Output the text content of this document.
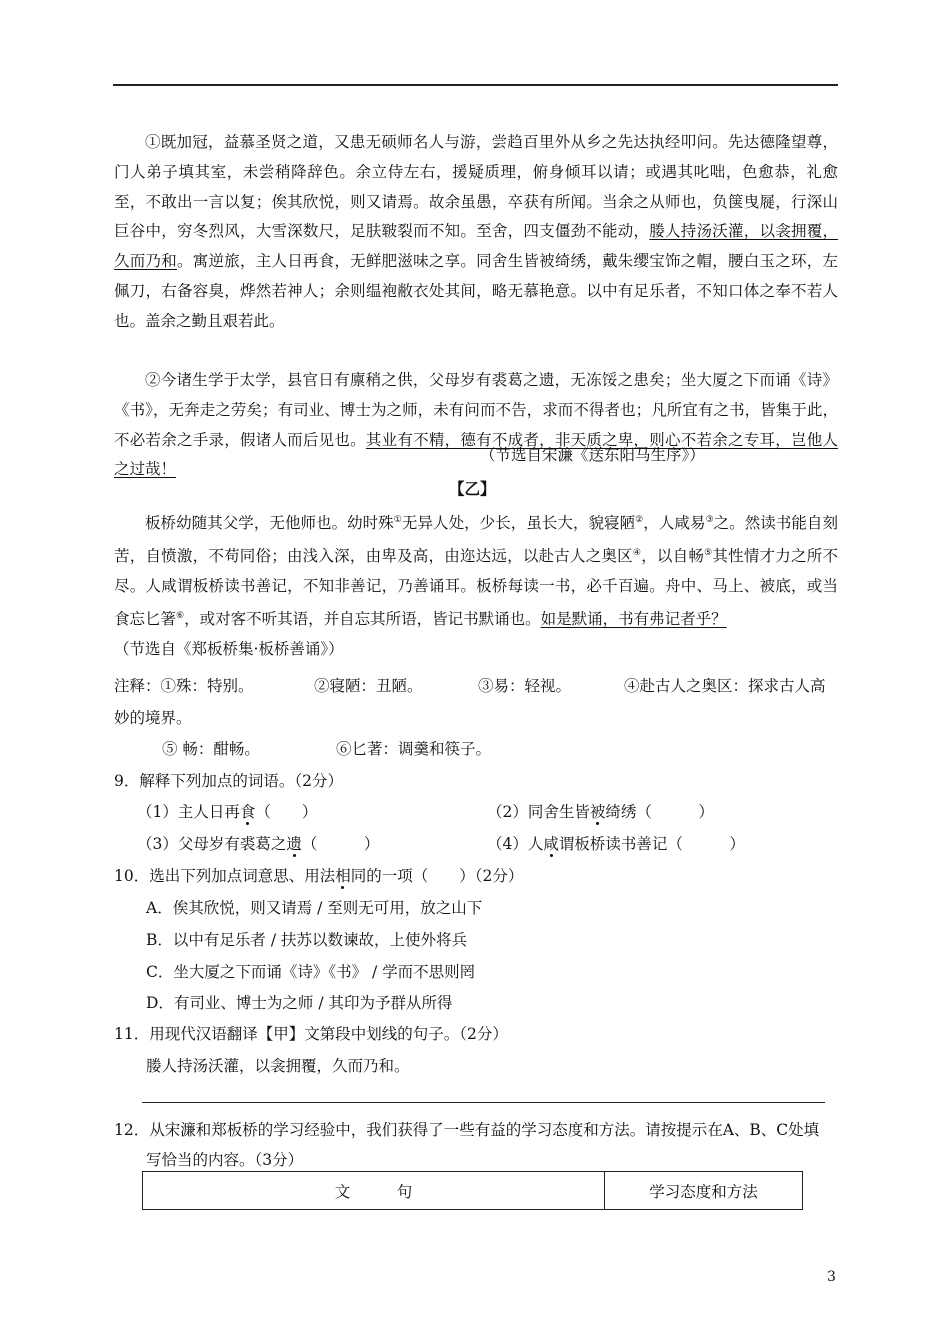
①既加冠，益慕圣贤之道，又患无硕师名人与游，尝趋百里外从乡之先达执经叩问。先达德隆望尊，门人弟子填其室，未尝稍降辞色。余立侍左右，援疑质理，俯身倾耳以请；或遇其叱咄，色愈恭，礼愈至，不敢出一言以复；俟其欣悦，则又请焉。故余虽愚，卒获有所闻。当余之从师也，负箧曳屣，行深山巨谷中，穷冬烈风，大雪深数尺，足肤皲裂而不知。至舍，四支僵劲不能动，媵人持汤沃灌，以衾拥覆，久而乃和。寓逆旅，主人日再食，无鲜肥滋味之享。同舍生皆被绮绣，戴朱缨宝饰之帽，腰白玉之环，左佩刀，右备容臭，烨然若神人；余则缊袍敝衣处其间，略无慕艳意。以中有足乐者，不知口体之奉不若人也。盖余之勤且艰若此。

②今诸生学于太学，县官日有廪稍之供，父母岁有裘葛之遗，无冻馁之患矣；坐大厦之下而诵《诗》《书》，无奔走之劳矣；有司业、博士为之师，未有问而不告，求而不得者也；凡所宜有之书，皆集于此，不必若余之手录，假诸人而后见也。其业有不精，德有不成者，非天质之卑，则心不若余之专耳，岂他人之过哉！

（节选自宋濂《送东阳马生序》）
【乙】

板桥幼随其父学，无他师也。幼时殊①无异人处，少长，虽长大，貌寝陋②，人咸易③之。然读书能自刻苦，自愤激，不苟同俗；由浅入深，由卑及高，由迩达远，以赴古人之奥区④，以自畅⑤其性情才力之所不尽。人咸谓板桥读书善记，不知非善记，乃善诵耳。板桥每读一书，必千百遍。舟中、马上、被底，或当食忘匕箸⑥，或对客不听其语，并自忘其所语，皆记书默诵也。如是默诵，书有弗记者乎？

（节选自《郑板桥集·板桥善诵》）

注释：①殊：特别。	②寝陋：丑陋。	③易：轻视。	④赴古人之奥区：探求古人高
妙的境界。
⑤ 畅：酣畅。	⑥匕著：调羹和筷子。
9．解释下列加点的词语。（2分）
（1）主人日再食（　　）	（2）同舍生皆被绮绣（　　　）
（3）父母岁有裘葛之遗（　　　）	（4）人咸谓板桥读书善记（　　　）
10．选出下列加点词意思、用法相同的一项（　　）（2分）
A．俟其欣悦，则又请焉 / 至则无可用，放之山下
B．以中有足乐者 / 扶苏以数谏故，上使外将兵
C．坐大厦之下而诵《诗》《书》 / 学而不思则罔
D．有司业、博士为之师 / 其印为予群从所得
11．用现代汉语翻译【甲】文第段中划线的句子。（2分）
媵人持汤沃灌，以衾拥覆，久而乃和。
12．从宋濂和郑板桥的学习经验中，我们获得了一些有益的学习态度和方法。请按提示在A、B、C处填
写恰当的内容。（3分）
文　　　句	学习态度和方法
3
